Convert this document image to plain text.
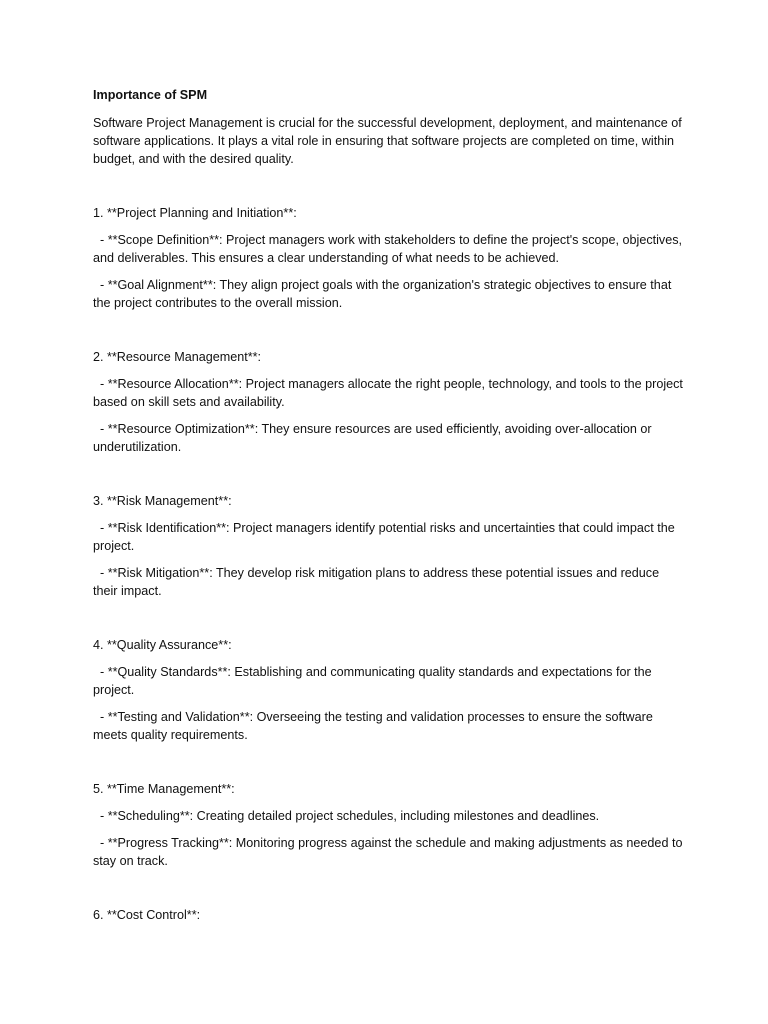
Importance of SPM

Software Project Management is crucial for the successful development, deployment, and maintenance of software applications. It plays a vital role in ensuring that software projects are completed on time, within budget, and with the desired quality.

1. **Project Planning and Initiation**:

- **Scope Definition**: Project managers work with stakeholders to define the project's scope, objectives, and deliverables. This ensures a clear understanding of what needs to be achieved.

- **Goal Alignment**: They align project goals with the organization's strategic objectives to ensure that the project contributes to the overall mission.

2. **Resource Management**:

- **Resource Allocation**: Project managers allocate the right people, technology, and tools to the project based on skill sets and availability.

- **Resource Optimization**: They ensure resources are used efficiently, avoiding over-allocation or underutilization.

3. **Risk Management**:

- **Risk Identification**: Project managers identify potential risks and uncertainties that could impact the project.

- **Risk Mitigation**: They develop risk mitigation plans to address these potential issues and reduce their impact.

4. **Quality Assurance**:

- **Quality Standards**: Establishing and communicating quality standards and expectations for the project.

- **Testing and Validation**: Overseeing the testing and validation processes to ensure the software meets quality requirements.

5. **Time Management**:

- **Scheduling**: Creating detailed project schedules, including milestones and deadlines.

- **Progress Tracking**: Monitoring progress against the schedule and making adjustments as needed to stay on track.

6. **Cost Control**:
